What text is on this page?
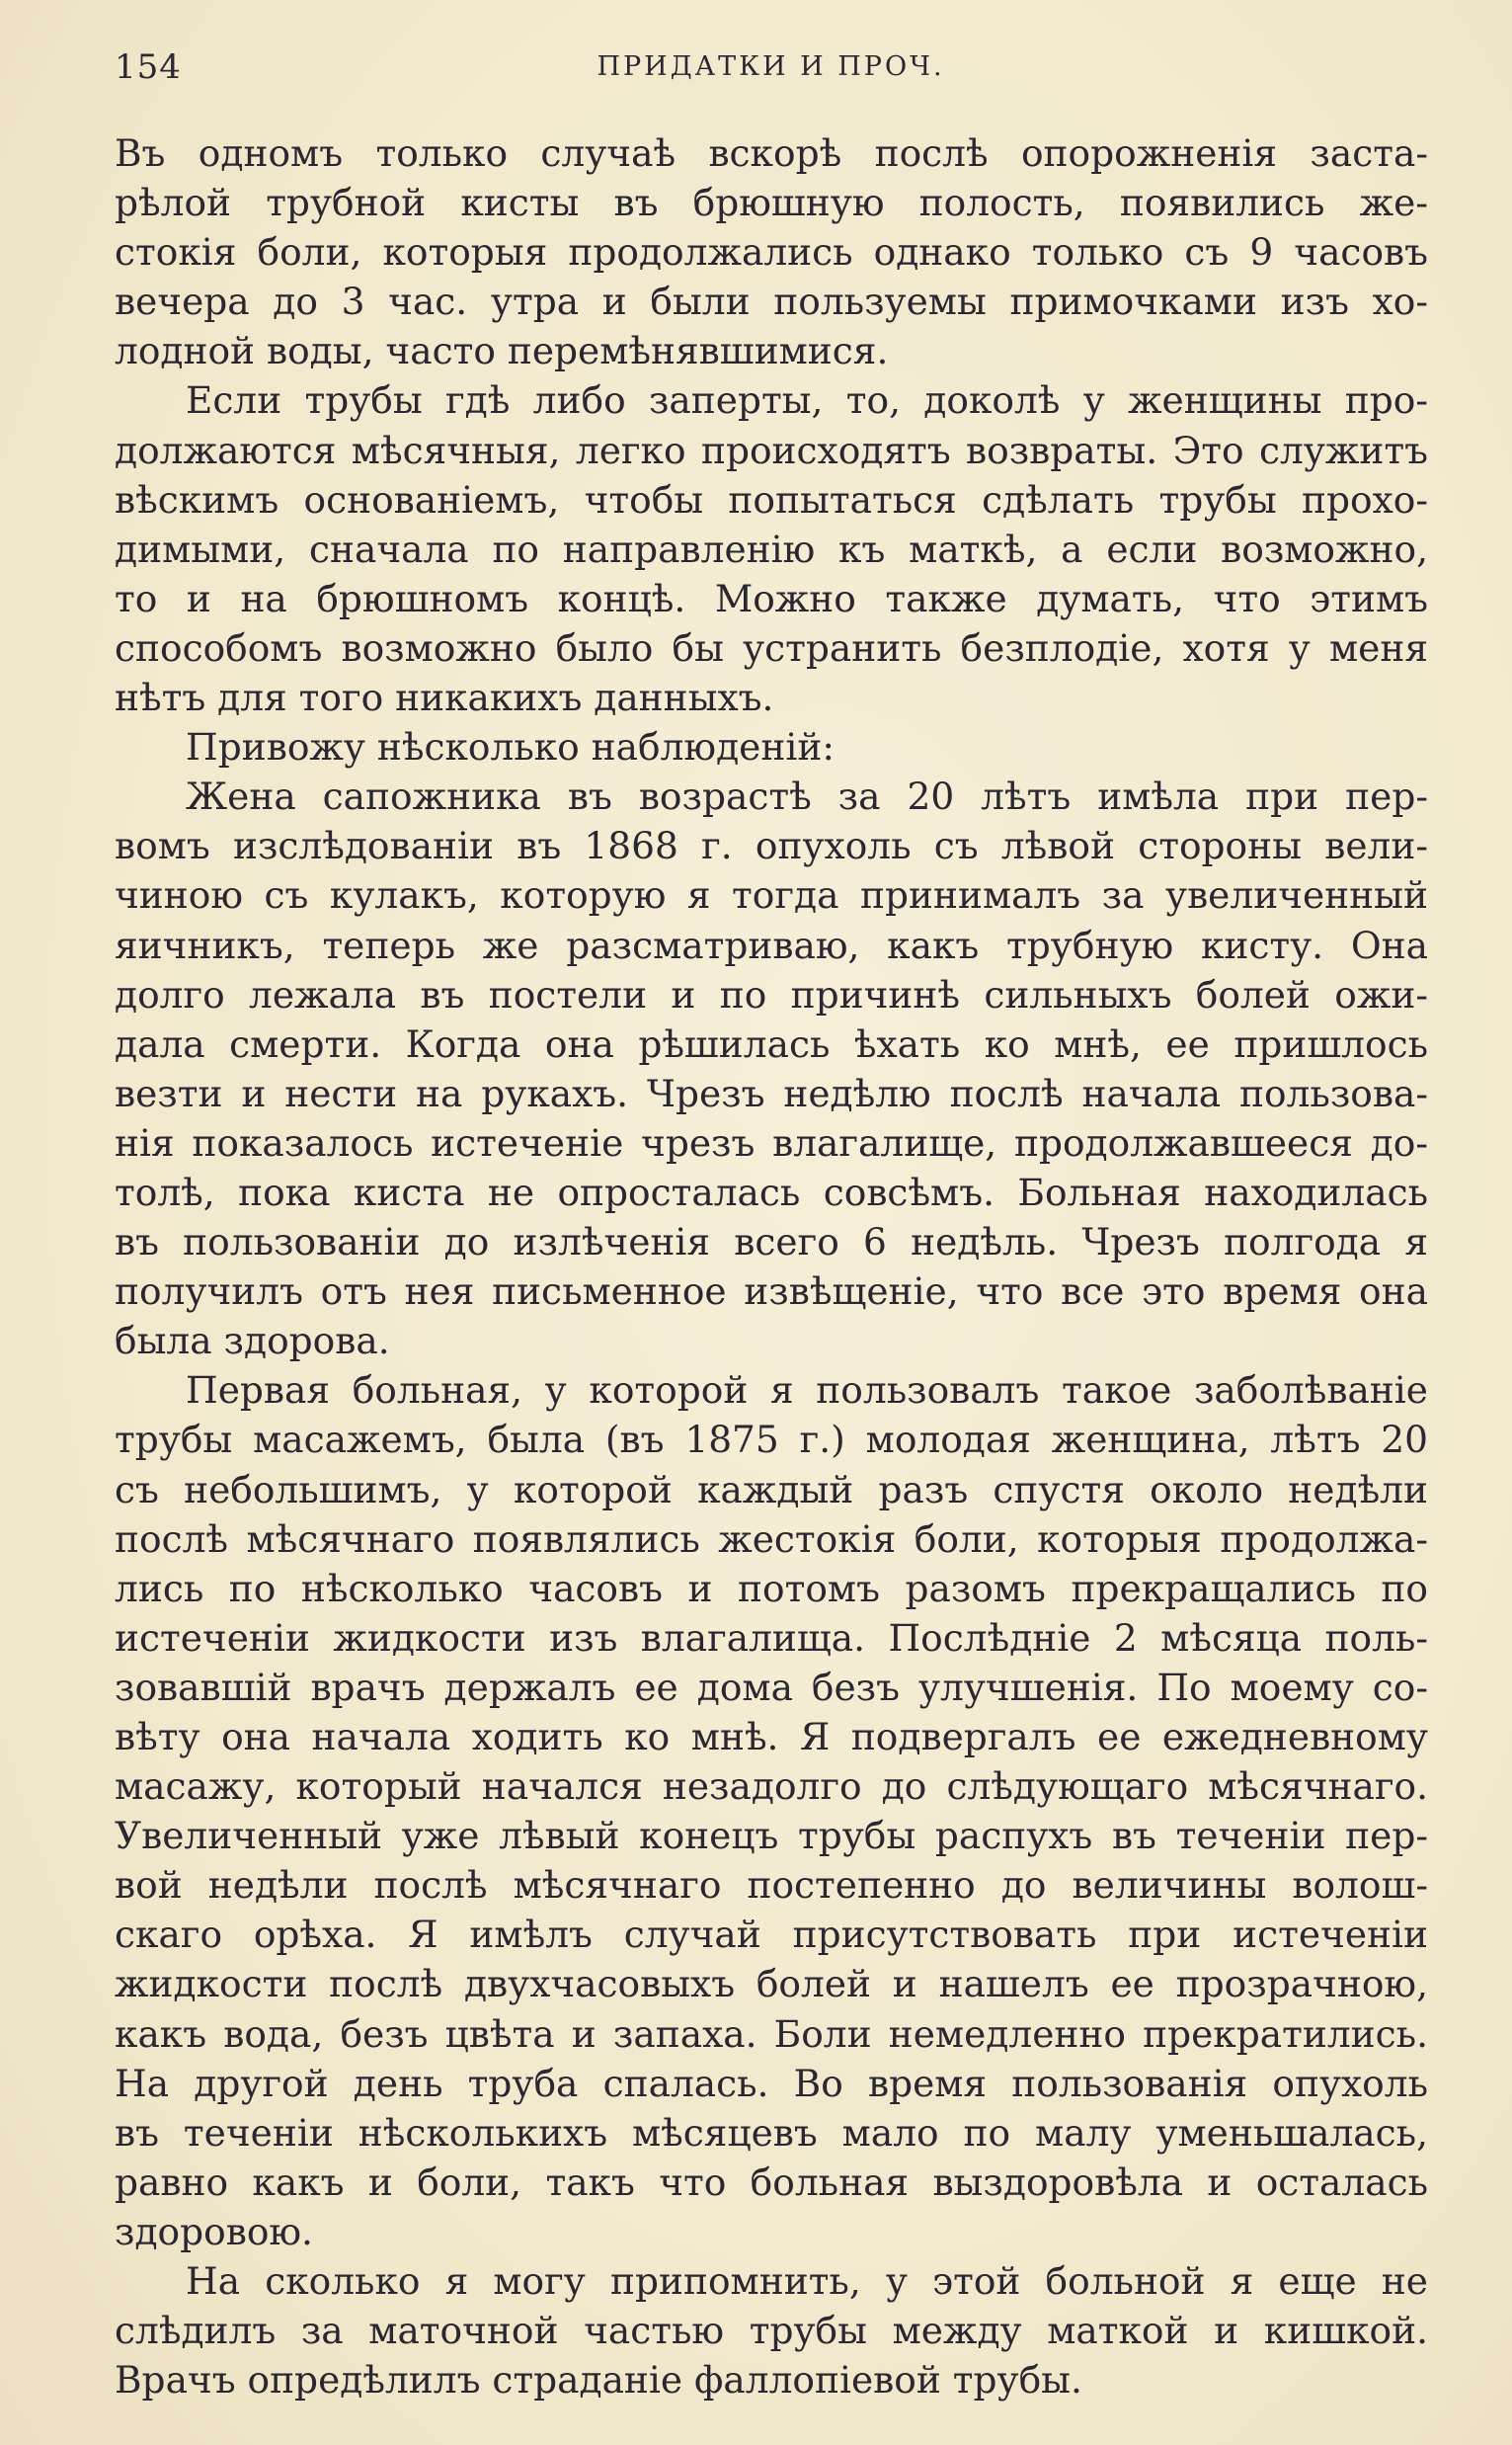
154	ПРИДАТКИ И ПРОЧ.
Въ одномъ только случаѣ вскорѣ послѣ опорожненія заста-
рѣлой трубной кисты въ брюшную полость, появились же-
стокія боли, которыя продолжались однако только съ 9 часовъ
вечера до 3 час. утра и были пользуемы примочками изъ хо-
лодной воды, часто перемѣнявшимися.
Если трубы гдѣ либо заперты, то, доколѣ у женщины про-
должаются мѣсячныя, легко происходятъ возвраты. Это служитъ
вѣскимъ основаніемъ, чтобы попытаться сдѣлать трубы прохо-
димыми, сначала по направленію къ маткѣ, а если возможно,
то и на брюшномъ концѣ. Можно также думать, что этимъ
способомъ возможно было бы устранить безплодіе, хотя у меня
нѣтъ для того никакихъ данныхъ.
Привожу нѣсколько наблюденій:
Жена сапожника въ возрастѣ за 20 лѣтъ имѣла при пер-
вомъ изслѣдованіи въ 1868 г. опухоль съ лѣвой стороны вели-
чиною съ кулакъ, которую я тогда принималъ за увеличенный
яичникъ, теперь же разсматриваю, какъ трубную кисту. Она
долго лежала въ постели и по причинѣ сильныхъ болей ожи-
дала смерти. Когда она рѣшилась ѣхать ко мнѣ, ее пришлось
везти и нести на рукахъ. Чрезъ недѣлю послѣ начала пользова-
нія показалось истеченіе чрезъ влагалище, продолжавшееся до-
толѣ, пока киста не опросталась совсѣмъ. Больная находилась
въ пользованіи до излѣченія всего 6 недѣль. Чрезъ полгода я
получилъ отъ нея письменное извѣщеніе, что все это время она
была здорова.
Первая больная, у которой я пользовалъ такое заболѣваніе
трубы масажемъ, была (въ 1875 г.) молодая женщина, лѣтъ 20
съ небольшимъ, у которой каждый разъ спустя около недѣли
послѣ мѣсячнаго появлялись жестокія боли, которыя продолжа-
лись по нѣсколько часовъ и потомъ разомъ прекращались по
истеченіи жидкости изъ влагалища. Послѣдніе 2 мѣсяца поль-
зовавшій врачъ держалъ ее дома безъ улучшенія. По моему со-
вѣту она начала ходить ко мнѣ. Я подвергалъ ее ежедневному
масажу, который начался незадолго до слѣдующаго мѣсячнаго.
Увеличенный уже лѣвый конецъ трубы распухъ въ теченіи пер-
вой недѣли послѣ мѣсячнаго постепенно до величины волош-
скаго орѣха. Я имѣлъ случай присутствовать при истеченіи
жидкости послѣ двухчасовыхъ болей и нашелъ ее прозрачною,
какъ вода, безъ цвѣта и запаха. Боли немедленно прекратились.
На другой день труба спалась. Во время пользованія опухоль
въ теченіи нѣсколькихъ мѣсяцевъ мало по малу уменьшалась,
равно какъ и боли, такъ что больная выздоровѣла и осталась
здоровою.
На сколько я могу припомнить, у этой больной я еще не
слѣдилъ за маточной частью трубы между маткой и кишкой.
Врачъ опредѣлилъ страданіе фаллопіевой трубы.
